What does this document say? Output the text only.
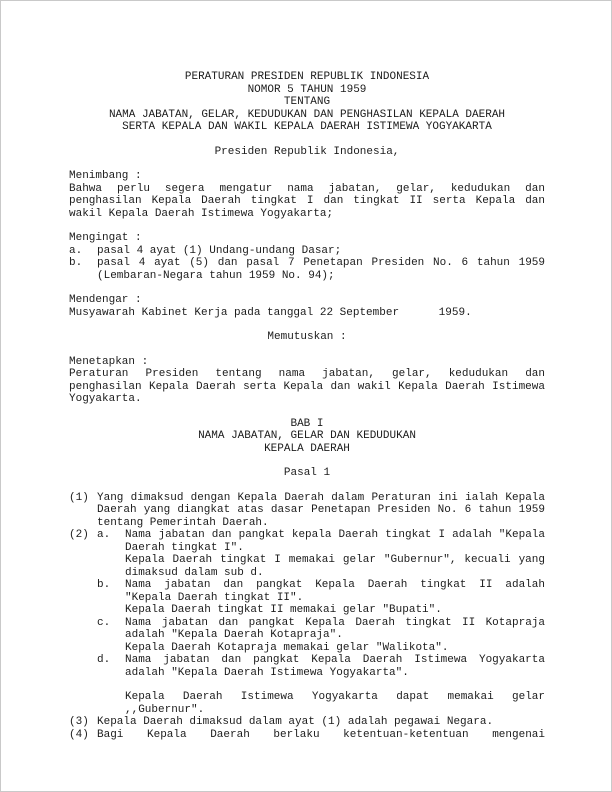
PERATURAN PRESIDEN REPUBLIK INDONESIA
NOMOR 5 TAHUN 1959
TENTANG
NAMA JABATAN, GELAR, KEDUDUKAN DAN PENGHASILAN KEPALA DAERAH
SERTA KEPALA DAN WAKIL KEPALA DAERAH ISTIMEWA YOGYAKARTA
Presiden Republik Indonesia,
Menimbang :
Bahwa perlu segera mengatur nama jabatan, gelar, kedudukan dan penghasilan Kepala Daerah tingkat I dan tingkat II serta Kepala dan wakil Kepala Daerah Istimewa Yogyakarta;
Mengingat :
a.	pasal 4 ayat (1) Undang-undang Dasar;
b.	pasal 4 ayat (5) dan pasal 7 Penetapan Presiden No. 6 tahun 1959 (Lembaran-Negara tahun 1959 No. 94);
Mendengar :
Musyawarah Kabinet Kerja pada tanggal 22 September      1959.
Memutuskan :
Menetapkan :
Peraturan Presiden tentang nama jabatan, gelar, kedudukan dan penghasilan Kepala Daerah serta Kepala dan wakil Kepala Daerah Istimewa Yogyakarta.
BAB I
NAMA JABATAN, GELAR DAN KEDUDUKAN
KEPALA DAERAH
Pasal 1
(1) Yang dimaksud dengan Kepala Daerah dalam Peraturan ini ialah Kepala Daerah yang diangkat atas dasar Penetapan Presiden No. 6 tahun 1959 tentang Pemerintah Daerah.
(2) a.	Nama jabatan dan pangkat kepala Daerah tingkat I adalah "Kepala Daerah tingkat I".
Kepala Daerah tingkat I memakai gelar "Gubernur", kecuali yang dimaksud dalam sub d.
b.	Nama jabatan dan pangkat Kepala Daerah tingkat II adalah "Kepala Daerah tingkat II".
Kepala Daerah tingkat II memakai gelar "Bupati".
c.	Nama jabatan dan pangkat Kepala Daerah tingkat II Kotapraja adalah "Kepala Daerah Kotapraja".
Kepala Daerah Kotapraja memakai gelar "Walikota".
d.	Nama jabatan dan pangkat Kepala Daerah Istimewa Yogyakarta adalah "Kepala Daerah Istimewa Yogyakarta".
Kepala Daerah Istimewa Yogyakarta dapat memakai gelar ,,Gubernur".
(3) Kepala Daerah dimaksud dalam ayat (1) adalah pegawai Negara.
(4) Bagi Kepala Daerah berlaku ketentuan-ketentuan mengenai
